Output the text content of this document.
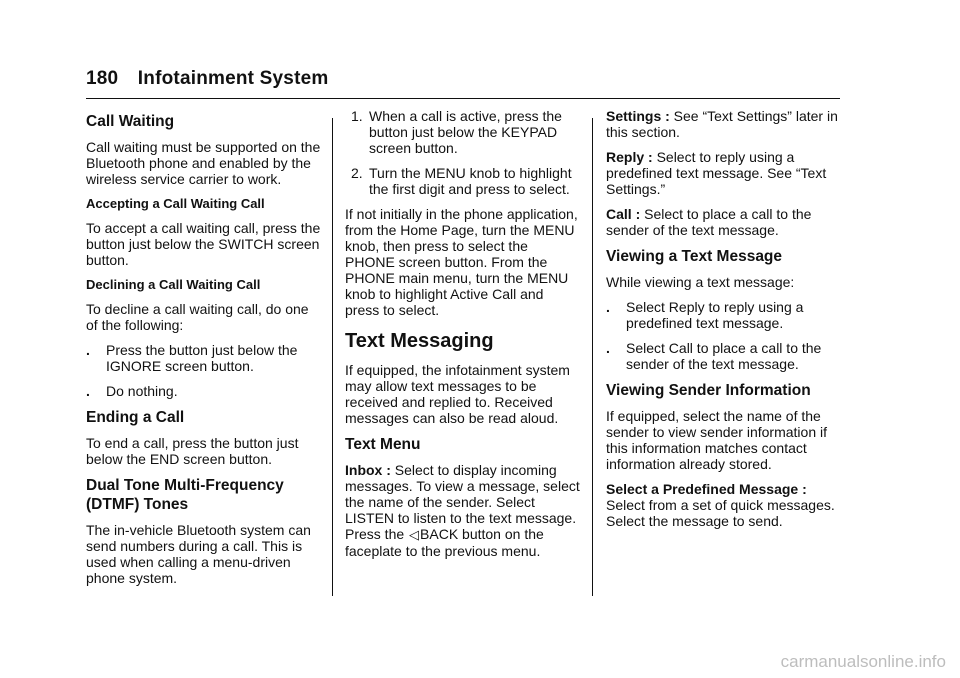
180 Infotainment System
Call Waiting

Call waiting must be supported on the Bluetooth phone and enabled by the wireless service carrier to work.

Accepting a Call Waiting Call

To accept a call waiting call, press the button just below the SWITCH screen button.

Declining a Call Waiting Call

To decline a call waiting call, do one of the following:

. Press the button just below the IGNORE screen button.
. Do nothing.
Ending a Call

To end a call, press the button just below the END screen button.

Dual Tone Multi-Frequency
(DTMF) Tones

The in-vehicle Bluetooth system can send numbers during a call. This is used when calling a menu-driven phone system.

1. When a call is active, press the button just below the KEYPAD screen button.
2. Turn the MENU knob to highlight the first digit and press to select.

If not initially in the phone application, from the Home Page, turn the MENU knob, then press to select the PHONE screen button. From the PHONE main menu, turn the MENU knob to highlight Active Call and press to select.

Text Messaging

If equipped, the infotainment system may allow text messages to be received and replied to. Received messages can also be read aloud.

Text Menu

Inbox : Select to display incoming messages. To view a message, select the name of the sender. Select LISTEN to listen to the text message. Press the ◁BACK button on the faceplate to the previous menu.

Settings : See “Text Settings” later in this section.

Reply : Select to reply using a predefined text message. See “Text Settings.”

Call : Select to place a call to the sender of the text message.

Viewing a Text Message

While viewing a text message:

. Select Reply to reply using a predefined text message.
. Select Call to place a call to the sender of the text message.
Viewing Sender Information

If equipped, select the name of the sender to view sender information if this information matches contact information already stored.

Select a Predefined Message :
Select from a set of quick messages. Select the message to send.

carmanualsonline.info
